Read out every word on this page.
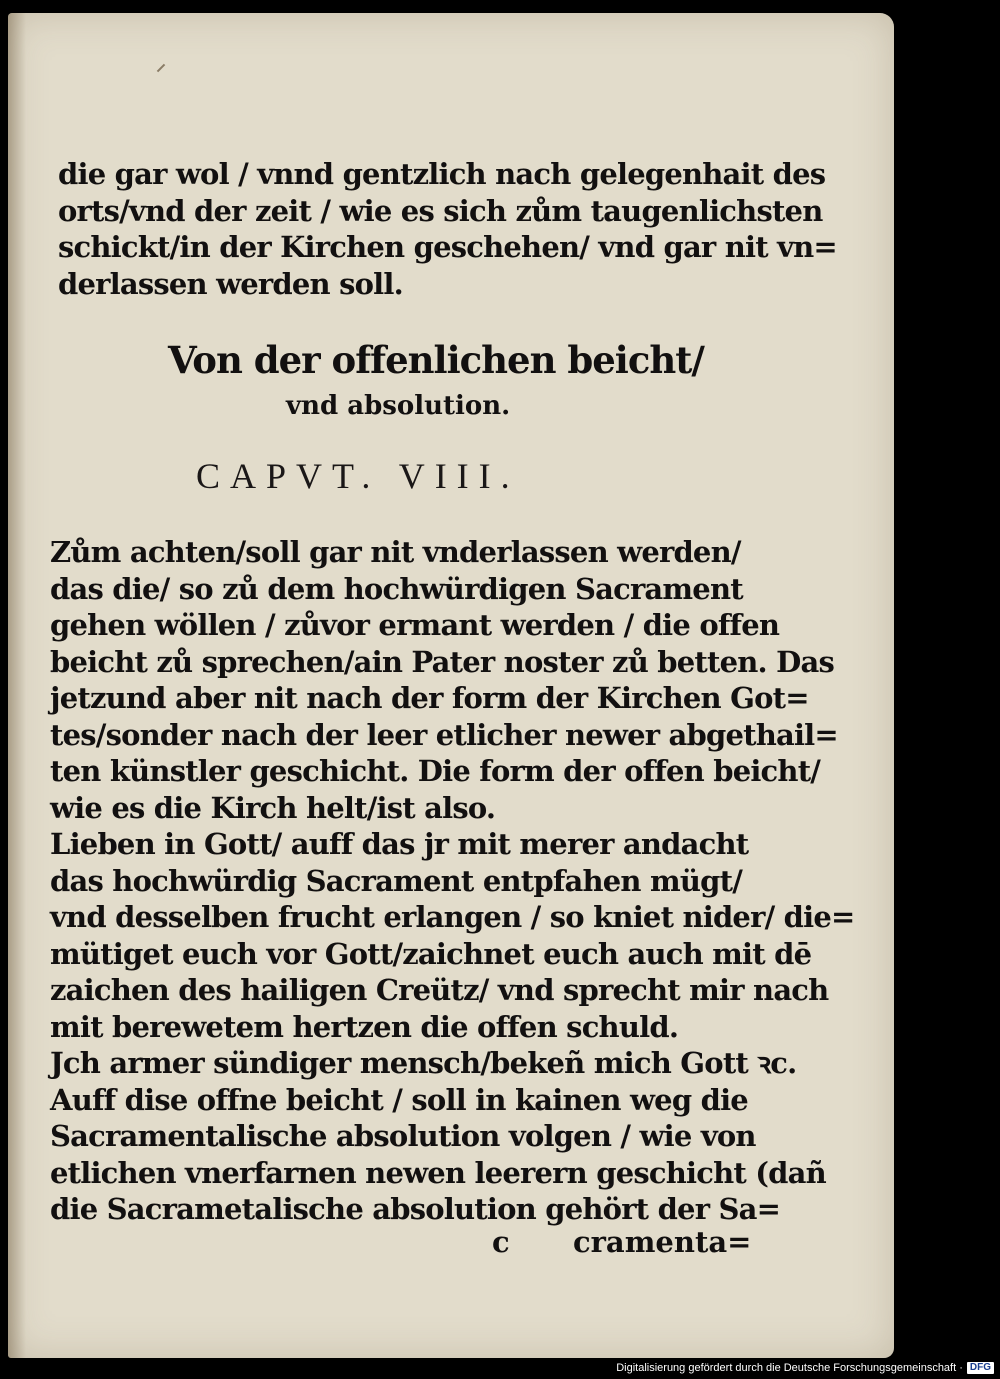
die gar wol / vnnd gentzlich nach gelegenhait des
orts/vnd der zeit / wie es sich zům taugenlichsten
schickt/in der Kirchen geschehen/ vnd gar nit vn=
derlassen werden soll.
Von der offenlichen beicht/
vnd absolution.
CAPVT. VIII.
Zům achten/soll gar nit vnderlassen werden/
das die/ so zů dem hochwürdigen Sacrament
gehen wöllen / zůvor ermant werden / die offen
beicht zů sprechen/ain Pater noster zů betten. Das
jetzund aber nit nach der form der Kirchen Got=
tes/sonder nach der leer etlicher newer abgethail=
ten künstler geschicht. Die form der offen beicht/
wie es die Kirch helt/ist also.
Lieben in Gott/ auff das jr mit merer andacht
das hochwürdig Sacrament entpfahen mügt/
vnd desselben frucht erlangen / so kniet nider/ die=
mütiget euch vor Gott/zaichnet euch auch mit dē
zaichen des hailigen Creütz/ vnd sprecht mir nach
mit berewetem hertzen die offen schuld.
Jch armer sündiger mensch/bekeñ mich Gott ꝛc.
Auff dise offne beicht / soll in kainen weg die
Sacramentalische absolution volgen / wie von
etlichen vnerfarnen newen leerern geschicht (dañ
die Sacrametalische absolution gehört der Sa=
c cramenta=
Digitalisierung gefördert durch die Deutsche Forschungsgemeinschaft · DFG
